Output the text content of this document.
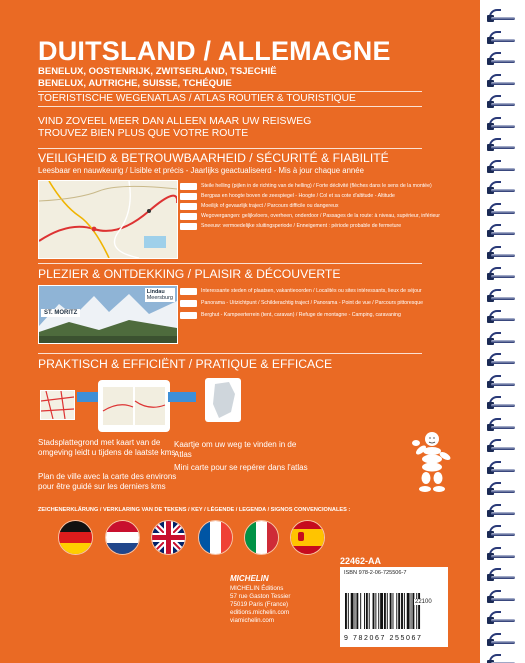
DUITSLAND / ALLEMAGNE
BENELUX, OOSTENRIJK, ZWITSERLAND, TSJECHIË
BENELUX, AUTRICHE, SUISSE, TCHÉQUIE
TOERISTISCHE WEGENATLAS / ATLAS ROUTIER & TOURISTIQUE
VIND ZOVEEL MEER DAN ALLEEN MAAR UW REISWEG
TROUVEZ BIEN PLUS QUE VOTRE ROUTE
VEILIGHEID & BETROUWBAARHEID / SÉCURITÉ & FIABILITÉ
Leesbaar en nauwkeurig / Lisible et précis - Jaarlijks geactualiseerd - Mis à jour chaque année
Steile helling (pijlen in de richting van de helling) / Forte déclivité (flèches dans le sens de la montée)
Bergpas en hoogte boven de zeespiegel - Hoogte / Col et sa cote d'altitude - Altitude
Moeilijk of gevaarlijk traject / Parcours difficile ou dangereux
Wegovergangen: gelijkvloers, overheen, onderdoor / Passages de la route: à niveau, supérieur, inférieur
Sneeuw: vermoedelijke sluitingsperiode / Enneigement : période probable de fermeture
PLEZIER & ONTDEKKING / PLAISIR & DÉCOUVERTE
ST. MORITZ
Lindau
Meersburg
Interessante steden of plaatsen, vakantieoorden / Localités ou sites intéressants, lieux de séjour
Panorama - Uitzichtpunt / Schilderachtig traject / Panorama - Point de vue / Parcours pittoresque
Berghut - Kampeerterrein (tent, caravan) / Refuge de montagne - Camping, caravaning
PRAKTISCH & EFFICIËNT / PRATIQUE & EFFICACE
Stadsplattegrond met kaart van de omgeving leidt u tijdens de laatste kms
Plan de ville avec la carte des environs pour être guidé sur les derniers kms
Kaartje om uw weg te vinden in de Atlas
Mini carte pour se repérer dans l'atlas
ZEICHENERKLÄRUNG / VERKLARING VAN DE TEKENS / KEY / LÉGENDE / LEGENDA / SIGNOS CONVENCIONALES :
MICHELIN
MICHELIN Éditions
57 rue Gaston Tessier
75019 Paris (France)
editions.michelin.com
viamichelin.com
22462-AA
ISBN 978-2-06-725506-7
22100
9 782067 255067
